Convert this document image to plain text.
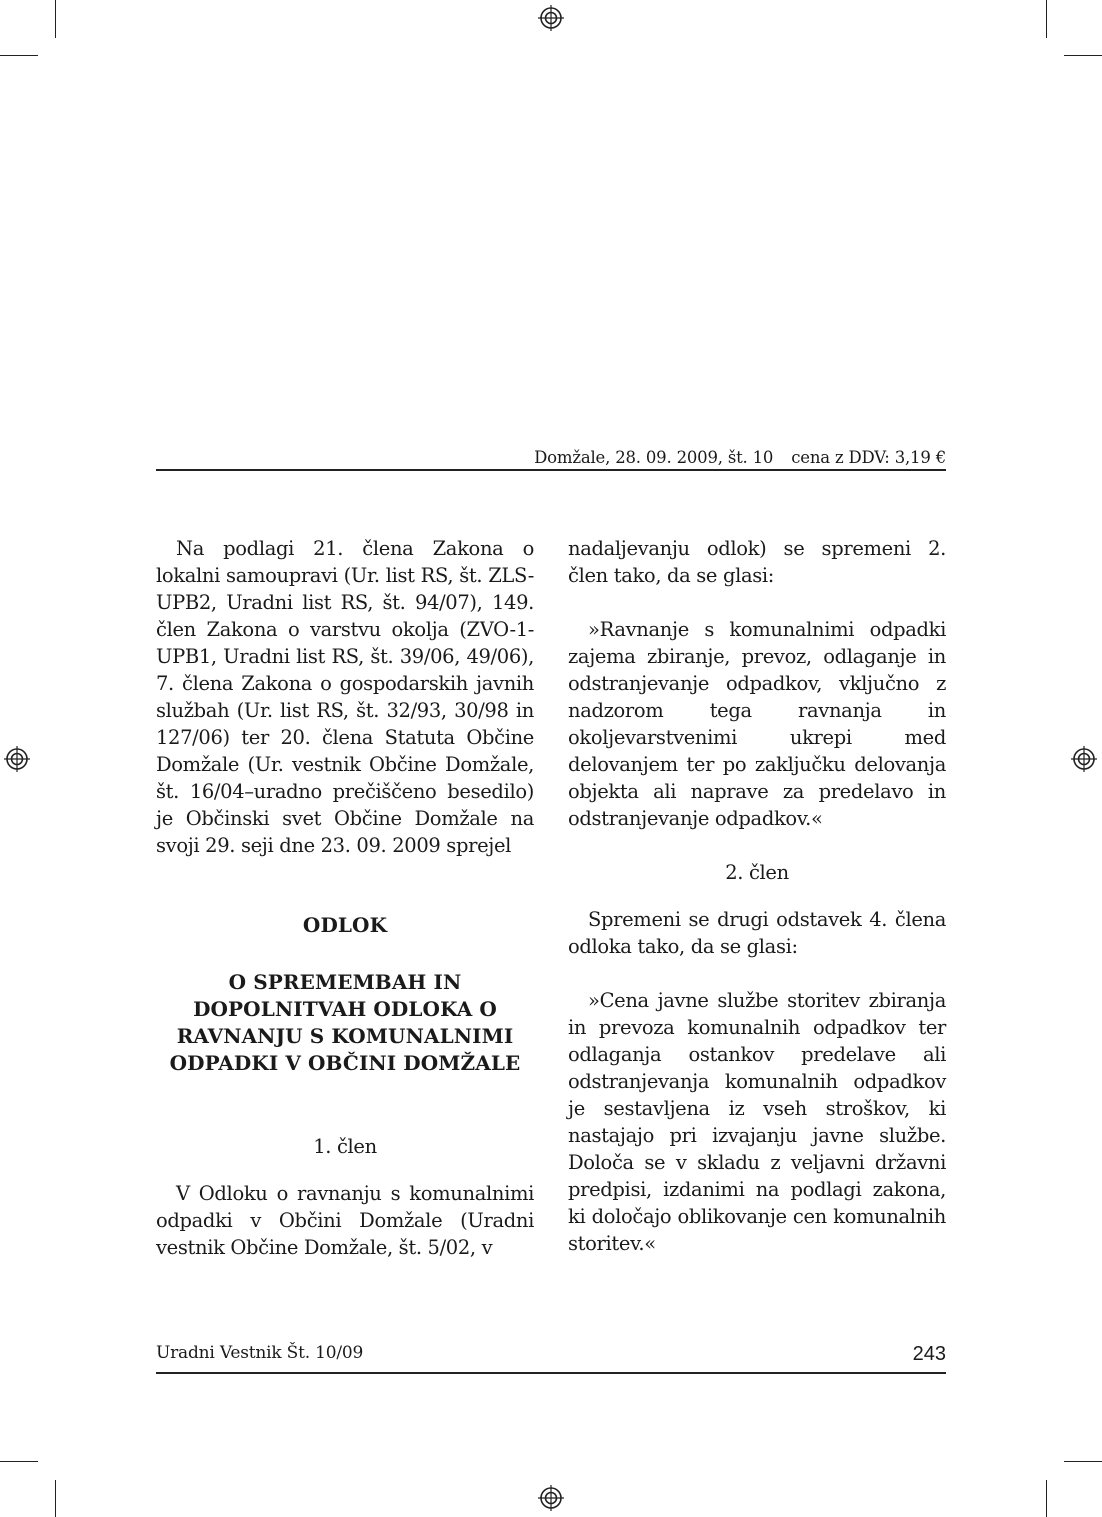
Domžale, 28. 09. 2009, št. 10 cena z DDV: 3,19 €

Na podlagi 21. člena Zakona o lokalni samoupravi (Ur. list RS, št. ZLS-UPB2, Uradni list RS, št. 94/07), 149. člen Zakona o varstvu okolja (ZVO-1-UPB1, Uradni list RS, št. 39/06, 49/06), 7. člena Zakona o gospodarskih javnih službah (Ur. list RS, št. 32/93, 30/98 in 127/06) ter 20. člena Statuta Občine Domžale (Ur. vestnik Občine Domžale, št. 16/04–uradno prečiščeno besedilo) je Občinski svet Občine Domžale na svoji 29. seji dne 23. 09. 2009 sprejel

ODLOK

O SPREMEMBAH IN
DOPOLNITVAH ODLOKA O
RAVNANJU S KOMUNALNIMI
ODPADKI V OBČINI DOMŽALE

1. člen

V Odloku o ravnanju s komunalnimi odpadki v Občini Domžale (Uradni vestnik Občine Domžale, št. 5/02, v

nadaljevanju odlok) se spremeni 2. člen tako, da se glasi:

»Ravnanje s komunalnimi odpadki zajema zbiranje, prevoz, odlaganje in odstranjevanje odpadkov, vključno z nadzorom tega ravnanja in okoljevarstvenimi ukrepi med delovanjem ter po zaključku delovanja objekta ali naprave za predelavo in odstranjevanje odpadkov.«

2. člen

Spremeni se drugi odstavek 4. člena odloka tako, da se glasi:

»Cena javne službe storitev zbiranja in prevoza komunalnih odpadkov ter odlaganja ostankov predelave ali odstranjevanja komunalnih odpadkov je sestavljena iz vseh stroškov, ki nastajajo pri izvajanju javne službe. Določa se v skladu z veljavni državni predpisi, izdanimi na podlagi zakona, ki določajo oblikovanje cen komunalnih storitev.«

Uradni Vestnik Št. 10/09	243
